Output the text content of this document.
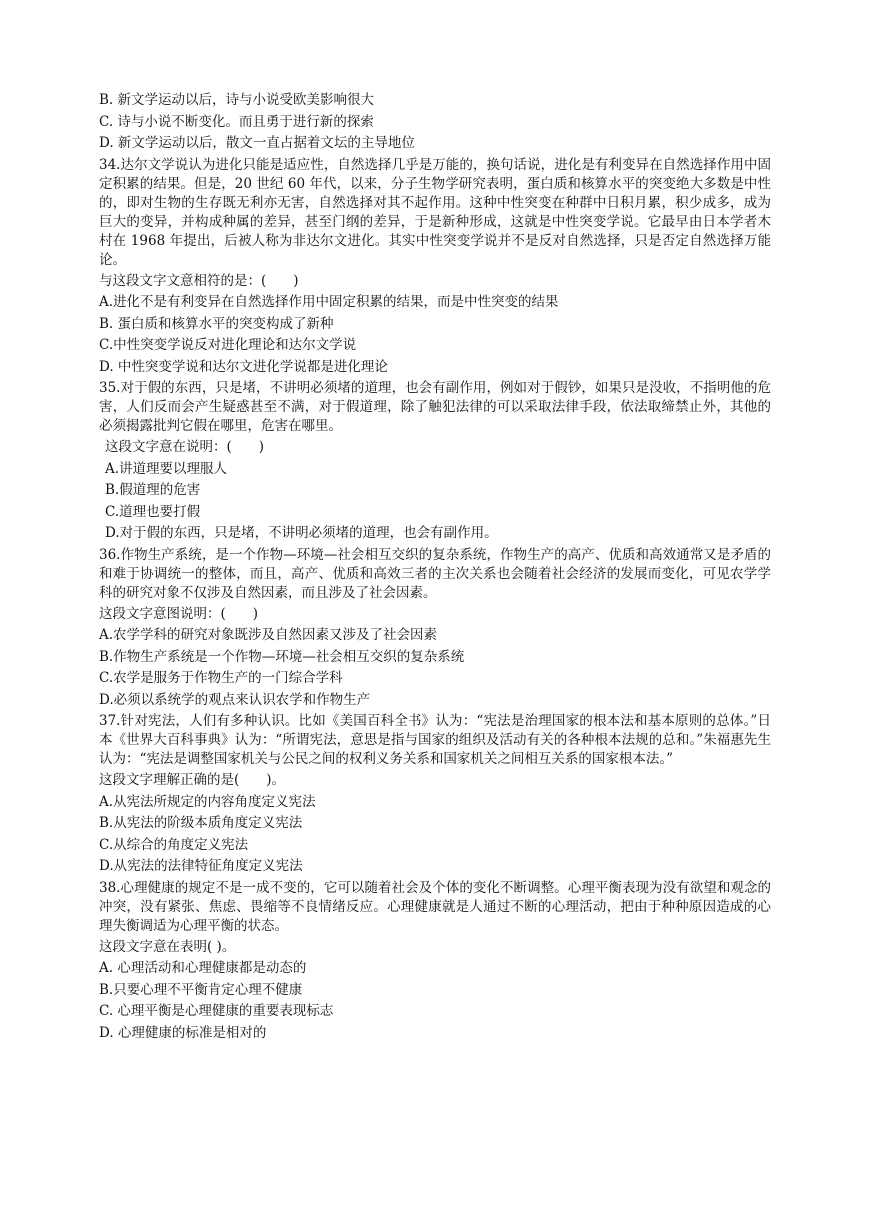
B. 新文学运动以后，诗与小说受欧美影响很大
C. 诗与小说不断变化。而且勇于进行新的探索
D. 新文学运动以后，散文一直占据着文坛的主导地位
34.达尔文学说认为进化只能是适应性，自然选择几乎是万能的，换句话说，进化是有利变异在自然选择作用中固定积累的结果。但是，20 世纪 60 年代，以来，分子生物学研究表明，蛋白质和核算水平的突变绝大多数是中性的，即对生物的生存既无利亦无害，自然选择对其不起作用。这种中性突变在种群中日积月累，积少成多，成为巨大的变异，并构成种属的差异，甚至门纲的差异，于是新种形成，这就是中性突变学说。它最早由日本学者木村在 1968 年提出，后被人称为非达尔文进化。其实中性突变学说并不是反对自然选择，只是否定自然选择万能论。
与这段文字文意相符的是：(　　)
A.进化不是有利变异在自然选择作用中固定积累的结果，而是中性突变的结果
B. 蛋白质和核算水平的突变构成了新种
C.中性突变学说反对进化理论和达尔文学说
D. 中性突变学说和达尔文进化学说都是进化理论
35.对于假的东西，只是堵，不讲明必须堵的道理，也会有副作用，例如对于假钞，如果只是没收，不指明他的危害，人们反而会产生疑惑甚至不满，对于假道理，除了触犯法律的可以采取法律手段，依法取缔禁止外，其他的必须揭露批判它假在哪里，危害在哪里。
这段文字意在说明：(　　)
A.讲道理要以理服人
B.假道理的危害
C.道理也要打假
D.对于假的东西，只是堵，不讲明必须堵的道理，也会有副作用。
36.作物生产系统，是一个作物—环境—社会相互交织的复杂系统，作物生产的高产、优质和高效通常又是矛盾的和难于协调统一的整体，而且，高产、优质和高效三者的主次关系也会随着社会经济的发展而变化，可见农学学科的研究对象不仅涉及自然因素，而且涉及了社会因素。
这段文字意图说明：(　　)
A.农学学科的研究对象既涉及自然因素又涉及了社会因素
B.作物生产系统是一个作物—环境—社会相互交织的复杂系统
C.农学是服务于作物生产的一门综合学科
D.必须以系统学的观点来认识农学和作物生产
37.针对宪法，人们有多种认识。比如《美国百科全书》认为：“宪法是治理国家的根本法和基本原则的总体。”日本《世界大百科事典》认为：“所谓宪法，意思是指与国家的组织及活动有关的各种根本法规的总和。”朱福惠先生认为：“宪法是调整国家机关与公民之间的权利义务关系和国家机关之间相互关系的国家根本法。”
这段文字理解正确的是(　　)。
A.从宪法所规定的内容角度定义宪法
B.从宪法的阶级本质角度定义宪法
C.从综合的角度定义宪法
D.从宪法的法律特征角度定义宪法
38.心理健康的规定不是一成不变的，它可以随着社会及个体的变化不断调整。心理平衡表现为没有欲望和观念的冲突，没有紧张、焦虑、畏缩等不良情绪反应。心理健康就是人通过不断的心理活动，把由于种种原因造成的心理失衡调适为心理平衡的状态。
这段文字意在表明( )。
A. 心理活动和心理健康都是动态的
B.只要心理不平衡肯定心理不健康
C. 心理平衡是心理健康的重要表现标志
D. 心理健康的标准是相对的
